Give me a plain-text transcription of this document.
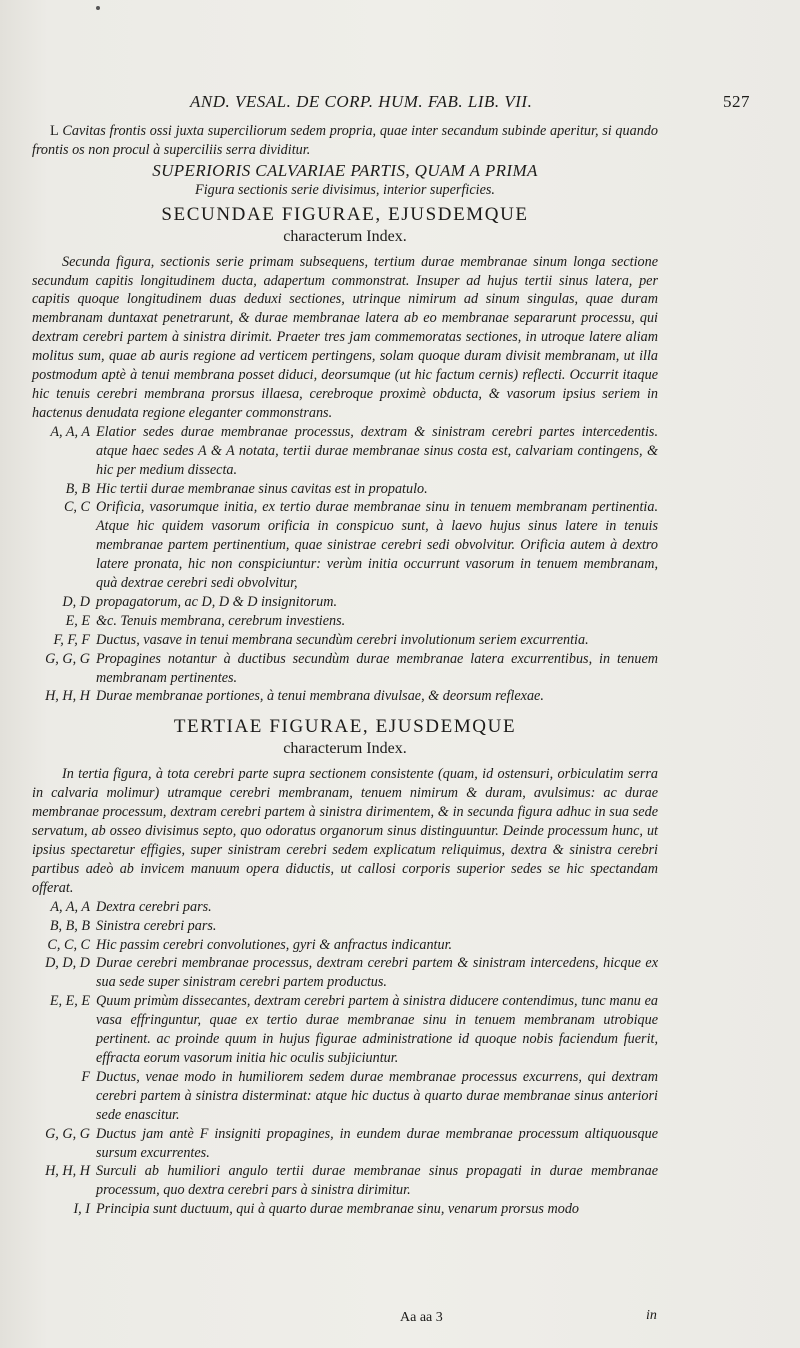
AND. VESAL. DE CORP. HUM. FAB. LIB. VII.	527
L Cavitas frontis ossi juxta superciliorum sedem propria, quae inter secandum subinde aperitur, si quando frontis os non procul à superciliis serra dividitur.

SUPERIORIS CALVARIAE PARTIS, QUAM A PRIMA

Figura sectionis serie divisimus, interior superficies.

SECUNDAE FIGURAE, EJUSDEMQUE

characterum Index.

Secunda figura, sectionis serie primam subsequens, tertium durae membranae sinum longa sectione secundum capitis longitudinem ducta, adapertum commonstrat. Insuper ad hujus tertii sinus latera, per capitis quoque longitudinem duas deduxi sectiones, utrinque nimirum ad sinum singulas, quae duram membranam duntaxat penetrarunt, & durae membranae latera ab eo membranae separarunt processu, qui dextram cerebri partem à sinistra dirimit. Praeter tres jam commemoratas sectiones, in utroque latere aliam molitus sum, quae ab auris regione ad verticem pertingens, solam quoque duram divisit membranam, ut illa postmodum aptè à tenui membrana posset diduci, deorsumque (ut hic factum cernis) reflecti. Occurrit itaque hic tenuis cerebri membrana prorsus illaesa, cerebroque proximè obducta, & vasorum ipsius seriem in hactenus denudata regione eleganter commonstrans.

A, A, A Elatior sedes durae membranae processus, dextram & sinistram cerebri partes intercedentis. atque haec sedes A & A notata, tertii durae membranae sinus costa est, calvariam contingens, & hic per medium dissecta.
B, B Hic tertii durae membranae sinus cavitas est in propatulo.
C, C Orificia, vasorumque initia, ex tertio durae membranae sinu in tenuem membranam pertinentia. Atque hic quidem vasorum orificia in conspicuo sunt, à laevo hujus sinus latere in tenuis membranae partem pertinentium, quae sinistrae cerebri sedi obvolvitur. Orificia autem à dextro latere pronata, hic non conspiciuntur: verùm initia occurrunt vasorum in tenuem membranam, quà dextrae cerebri sedi obvolvitur,
D, D propagatorum, ac D, D & D insignitorum.
E, E &c. Tenuis membrana, cerebrum investiens.
F, F, F Ductus, vasave in tenui membrana secundùm cerebri involutionum seriem excurrentia.
G, G, G Propagines notantur à ductibus secundùm durae membranae latera excurrentibus, in tenuem membranam pertinentes.
H, H, H Durae membranae portiones, à tenui membrana divulsae, & deorsum reflexae.

TERTIAE FIGURAE, EJUSDEMQUE

characterum Index.

In tertia figura, à tota cerebri parte supra sectionem consistente (quam, id ostensuri, orbiculatim serra in calvaria molimur) utramque cerebri membranam, tenuem nimirum & duram, avulsimus: ac durae membranae processum, dextram cerebri partem à sinistra dirimentem, & in secunda figura adhuc in sua sede servatum, ab osseo divisimus septo, quo odoratus organorum sinus distinguuntur. Deinde processum hunc, ut ipsius spectaretur effigies, super sinistram cerebri sedem explicatum reliquimus, dextra & sinistra cerebri partibus adeò ab invicem manuum opera diductis, ut callosi corporis superior sedes se hic spectandam offerat.

A, A, A Dextra cerebri pars.
B, B, B Sinistra cerebri pars.
C, C, C Hic passim cerebri convolutiones, gyri & anfractus indicantur.
D, D, D Durae cerebri membranae processus, dextram cerebri partem & sinistram intercedens, hicque ex sua sede super sinistram cerebri partem productus.
E, E, E Quum primùm dissecantes, dextram cerebri partem à sinistra diducere contendimus, tunc manu ea vasa effringuntur, quae ex tertio durae membranae sinu in tenuem membranam utrobique pertinent. ac proinde quum in hujus figurae administratione id quoque nobis faciendum fuerit, effracta eorum vasorum initia hic oculis subjiciuntur.
F Ductus, venae modo in humiliorem sedem durae membranae processus excurrens, qui dextram cerebri partem à sinistra disterminat: atque hic ductus à quarto durae membranae sinus anteriori sede enascitur.
G, G, G Ductus jam antè F insigniti propagines, in eundem durae membranae processum altiquousque sursum excurrentes.
H, H, H Surculi ab humiliori angulo tertii durae membranae sinus propagati in durae membranae processum, quo dextra cerebri pars à sinistra dirimitur.
I, I Principia sunt ductuum, qui à quarto durae membranae sinu, venarum prorsus modo
Aa aa 3	in
